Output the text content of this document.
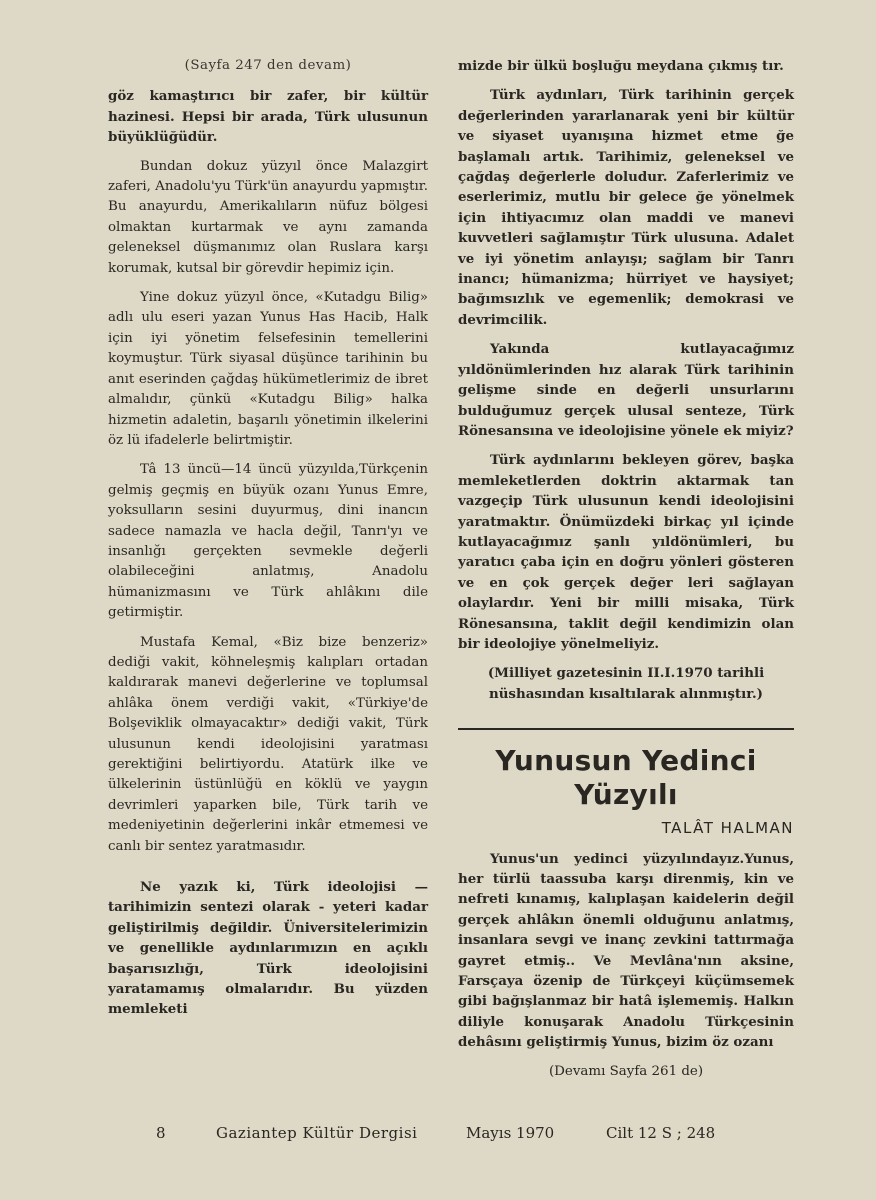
(Sayfa 247 den devam)

göz kamaştırıcı bir zafer, bir kültür hazinesi. Hepsi bir arada, Türk ulusunun büyüklüğüdür.

Bundan dokuz yüzyıl önce Malazgirt zaferi, Anadolu'yu Türk'ün anayurdu yapmıştır. Bu anayurdu, Amerikalıların nüfuz bölgesi olmaktan kurtarmak ve aynı zamanda geleneksel düşmanımız olan Ruslara karşı korumak, kutsal bir görevdir hepimiz için.

Yine dokuz yüzyıl önce, «Kutadgu Bilig» adlı ulu eseri yazan Yunus Has Hacib, Halk için iyi yönetim felsefesinin temellerini koymuştur. Türk siyasal düşünce tarihinin bu anıt eserinden çağdaş hükümetlerimiz de ibret almalıdır, çünkü «Kutadgu Bilig» halka hizmetin adaletin, başarılı yönetimin ilkelerini öz lü ifadelerle belirtmiştir.

Tâ 13 üncü—14 üncü yüzyılda,Türkçenin gelmiş geçmiş en büyük ozanı Yunus Emre, yoksulların sesini duyurmuş, dini inancın sadece namazla ve hacla değil, Tanrı'yı ve insanlığı gerçekten sevmekle değerli olabileceğini anlatmış, Anadolu hümanizmasını ve Türk ahlâkını dile getirmiştir.

Mustafa Kemal, «Biz bize benzeriz» dediği vakit, köhneleşmiş kalıpları ortadan kaldırarak manevi değerlerine ve toplumsal ahlâka önem verdiği vakit, «Türkiye'de Bolşeviklik olmayacaktır» dediği vakit, Türk ulusunun kendi ideolojisini yaratması gerektiğini belirtiyordu. Atatürk ilke ve ülkelerinin üstünlüğü en köklü ve yaygın devrimleri yaparken bile, Türk tarih ve medeniyetinin değerlerini inkâr etmemesi ve canlı bir sentez yaratmasıdır.

Ne yazık ki, Türk ideolojisi — tarihimizin sentezi olarak - yeteri kadar geliştirilmiş değildir. Üniversitelerimizin ve genellikle aydınlarımızın en açıklı başarısızlığı, Türk ideolojisini yaratamamış olmalarıdır. Bu yüzden memleketi

mizde bir ülkü boşluğu meydana çıkmış tır.

Türk aydınları, Türk tarihinin gerçek değerlerinden yararlanarak yeni bir kültür ve siyaset uyanışına hizmet etme ğe başlamalı artık. Tarihimiz, geleneksel ve çağdaş değerlerle doludur. Zaferlerimiz ve eserlerimiz, mutlu bir gelece ğe yönelmek için ihtiyacımız olan maddi ve manevi kuvvetleri sağlamıştır Türk ulusuna. Adalet ve iyi yönetim anlayışı; sağlam bir Tanrı inancı; hümanizma; hürriyet ve haysiyet; bağımsızlık ve egemenlik; demokrasi ve devrimcilik.

Yakında kutlayacağımız yıldönümlerinden hız alarak Türk tarihinin gelişme sinde en değerli unsurlarını bulduğumuz gerçek ulusal senteze, Türk Rönesansına ve ideolojisine yönele ek miyiz?

Türk aydınlarını bekleyen görev, başka memleketlerden doktrin aktarmak tan vazgeçip Türk ulusunun kendi ideolojisini yaratmaktır. Önümüzdeki birkaç yıl içinde kutlayacağımız şanlı yıldönümleri, bu yaratıcı çaba için en doğru yönleri gösteren ve en çok gerçek değer leri sağlayan olaylardır. Yeni bir milli misaka, Türk Rönesansına, taklit değil kendimizin olan bir ideolojiye yönelmeliyiz.

(Milliyet gazetesinin II.I.1970 tarihli nüshasından kısaltılarak alınmıştır.)

Yunusun Yedinci Yüzyılı
TALÂT HALMAN

Yunus'un yedinci yüzyılındayız.Yunus, her türlü taassuba karşı direnmiş, kin ve nefreti kınamış, kalıplaşan kaidelerin değil gerçek ahlâkın önemli olduğunu anlatmış, insanlara sevgi ve inanç zevkini tattırmağa gayret etmiş.. Ve Mevlâna'nın aksine, Farsçaya özenip de Türkçeyi küçümsemek gibi bağışlanmaz bir hatâ işlememiş. Halkın diliyle konuşarak Anadolu Türkçesinin dehâsını geliştirmiş Yunus, bizim öz ozanı

(Devamı Sayfa 261 de)

8	Gaziantep Kültür Dergisi	Mayıs 1970	Cilt 12 S ; 248
